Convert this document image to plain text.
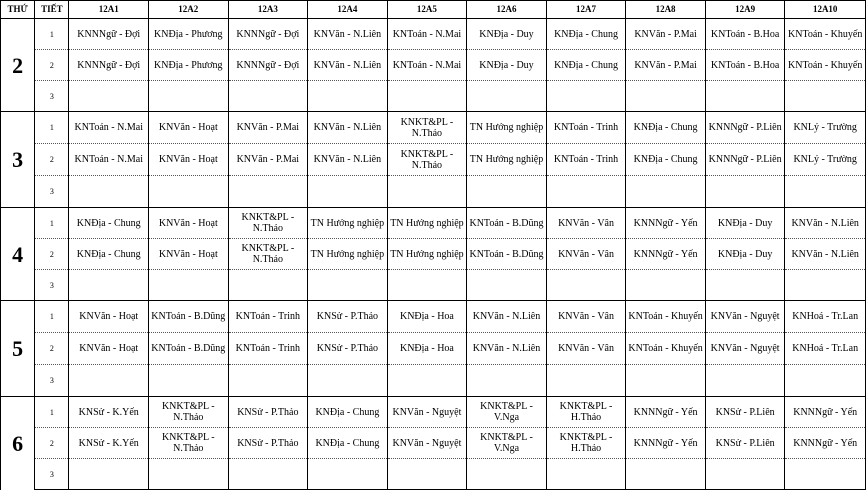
THỨ	TIẾT	12A1	12A2	12A3	12A4	12A5	12A6	12A7	12A8	12A9	12A10
2	1	KNNNgữ - Đợi	KNĐịa - Phương	KNNNgữ - Đợi	KNVăn - N.Liên	KNToán - N.Mai	KNĐịa - Duy	KNĐịa - Chung	KNVăn - P.Mai	KNToán - B.Hoa	KNToán - Khuyến
	2	KNNNgữ - Đợi	KNĐịa - Phương	KNNNgữ - Đợi	KNVăn - N.Liên	KNToán - N.Mai	KNĐịa - Duy	KNĐịa - Chung	KNVăn - P.Mai	KNToán - B.Hoa	KNToán - Khuyến
	3										
3	1	KNToán - N.Mai	KNVăn - Hoạt	KNVăn - P.Mai	KNVăn - N.Liên	KNKT&PL - N.Thảo	TN Hướng nghiệp	KNToán - Trinh	KNĐịa - Chung	KNNNgữ - P.Liên	KNLý - Trường
	2	KNToán - N.Mai	KNVăn - Hoạt	KNVăn - P.Mai	KNVăn - N.Liên	KNKT&PL - N.Thảo	TN Hướng nghiệp	KNToán - Trinh	KNĐịa - Chung	KNNNgữ - P.Liên	KNLý - Trường
	3										
4	1	KNĐịa - Chung	KNVăn - Hoạt	KNKT&PL - N.Thảo	TN Hướng nghiệp	TN Hướng nghiệp	KNToán - B.Dũng	KNVăn - Vân	KNNNgữ - Yến	KNĐịa - Duy	KNVăn - N.Liên
	2	KNĐịa - Chung	KNVăn - Hoạt	KNKT&PL - N.Thảo	TN Hướng nghiệp	TN Hướng nghiệp	KNToán - B.Dũng	KNVăn - Vân	KNNNgữ - Yến	KNĐịa - Duy	KNVăn - N.Liên
	3										
5	1	KNVăn - Hoạt	KNToán - B.Dũng	KNToán - Trinh	KNSử - P.Thảo	KNĐịa - Hoa	KNVăn - N.Liên	KNVăn - Vân	KNToán - Khuyến	KNVăn - Nguyệt	KNHoá - Tr.Lan
	2	KNVăn - Hoạt	KNToán - B.Dũng	KNToán - Trinh	KNSử - P.Thảo	KNĐịa - Hoa	KNVăn - N.Liên	KNVăn - Vân	KNToán - Khuyến	KNVăn - Nguyệt	KNHoá - Tr.Lan
	3										
6	1	KNSử - K.Yến	KNKT&PL - N.Thảo	KNSử - P.Thảo	KNĐịa - Chung	KNVăn - Nguyệt	KNKT&PL - V.Nga	KNKT&PL - H.Thảo	KNNNgữ - Yến	KNSử - P.Liên	KNNNgữ - Yến
	2	KNSử - K.Yến	KNKT&PL - N.Thảo	KNSử - P.Thảo	KNĐịa - Chung	KNVăn - Nguyệt	KNKT&PL - V.Nga	KNKT&PL - H.Thảo	KNNNgữ - Yến	KNSử - P.Liên	KNNNgữ - Yến
	3										
